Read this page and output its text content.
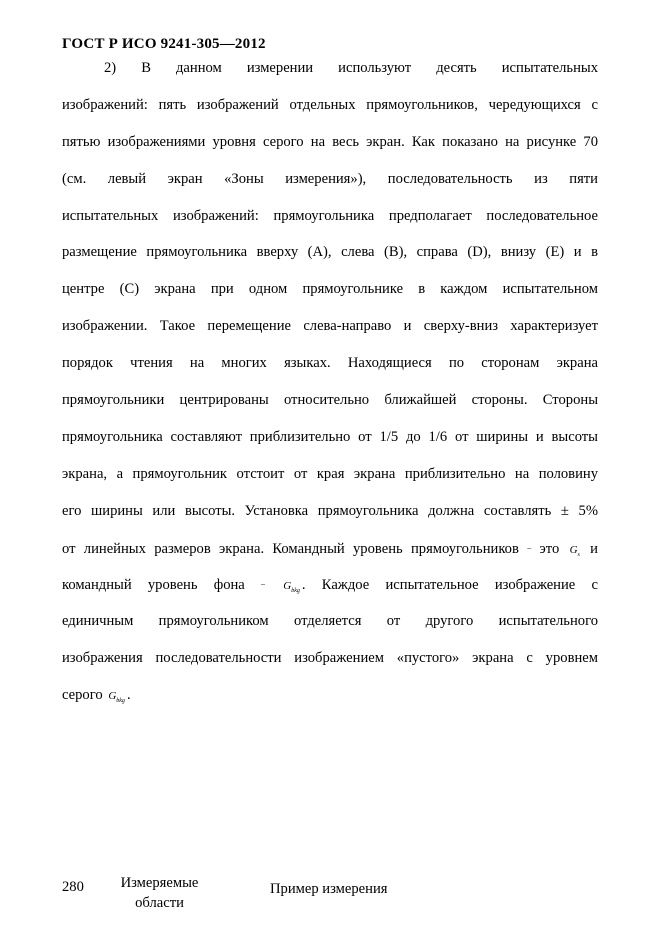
ГОСТ Р ИСО 9241-305—2012
2) В данном измерении используют десять испытательных
изображений: пять изображений отдельных прямоугольников, чередующихся с
пятью изображениями уровня серого на весь экран. Как показано на рисунке 70
(см. левый экран «Зоны измерения»), последовательность из пяти
испытательных изображений: прямоугольника предполагает последовательное
размещение прямоугольника вверху (А), слева (В), справа (D), внизу (Е) и в
центре (С) экрана при одном прямоугольнике в каждом испытательном
изображении. Такое перемещение слева-направо и сверху-вниз характеризует
порядок чтения на многих языках. Находящиеся по сторонам экрана
прямоугольники центрированы относительно ближайшей стороны. Стороны
прямоугольника составляют приблизительно от 1/5 до 1/6 от ширины и высоты
экрана, а прямоугольник отстоит от края экрана приблизительно на половину
его ширины или высоты. Установка прямоугольника должна составлять ± 5%
от линейных размеров экрана. Командный уровень прямоугольников – это $G_s$ и
командный уровень фона – $G_{bkg}$ . Каждое испытательное изображение с
единичным прямоугольником отделяется от другого испытательного
изображения последовательности изображением «пустого» экрана с уровнем
серого $G_{bkg}$ .
280	Измеряемые области
Пример измерения
